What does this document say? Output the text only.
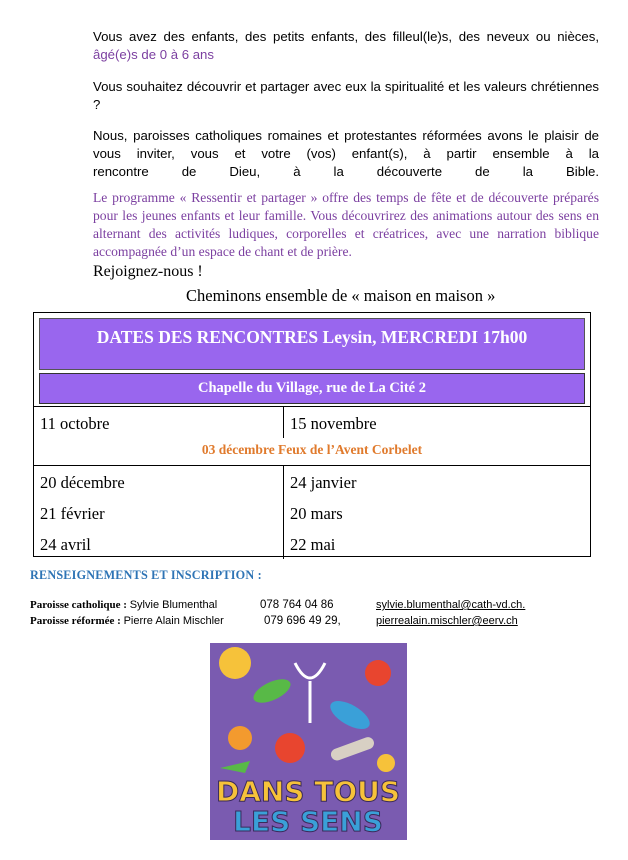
Vous avez des enfants, des petits enfants, des filleul(le)s, des neveux ou nièces, âgé(e)s de 0 à 6 ans
Vous souhaitez découvrir et partager avec eux la spiritualité et les valeurs chrétiennes ?
Nous, paroisses catholiques romaines et protestantes réformées avons le plaisir de vous inviter, vous et votre (vos) enfant(s), à partir ensemble à la
rencontre de Dieu, à la découverte de la Bible.
Le programme « Ressentir et partager » offre des temps de fête et de découverte préparés pour les jeunes enfants et leur famille. Vous découvrirez des animations autour des sens en alternant des activités ludiques, corporelles et créatrices, avec une narration biblique accompagnée d’un espace de chant et de prière.
Rejoignez-nous !
Cheminons ensemble de « maison en maison »
DATES DES RENCONTRES Leysin, MERCREDI 17h00
Chapelle du Village, rue de La Cité 2
11 octobre	15 novembre
03 décembre Feux de l’Avent Corbelet
20 décembre	24 janvier
21 février	20 mars
24 avril	22 mai
RENSEIGNEMENTS ET INSCRIPTION :
Paroisse catholique : Sylvie Blumenthal	078 764 04 86	sylvie.blumenthal@cath-vd.ch.
Paroisse réformée : Pierre Alain Mischler	079 696 49 29,	pierrealain.mischler@eerv.ch
DANS TOUS
LES SENS
